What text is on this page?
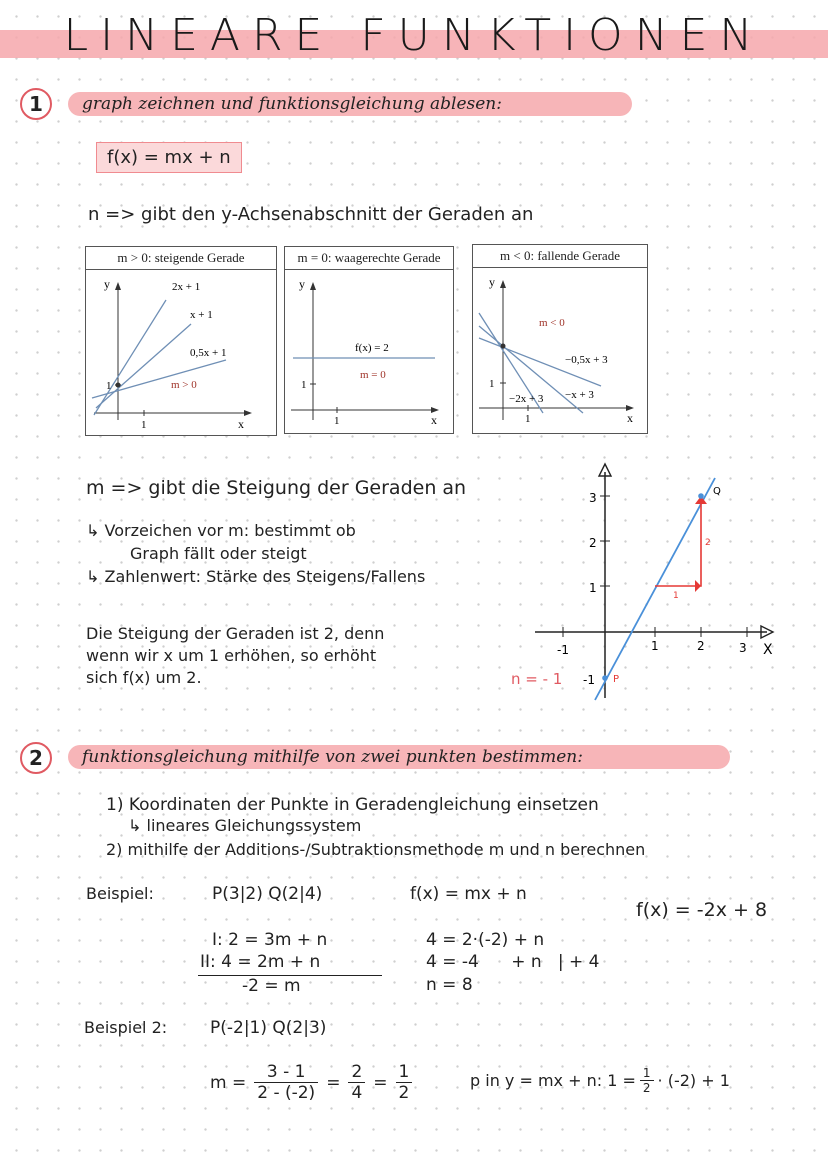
LINEARE FUNKTIONEN
1	graph zeichnen und funktionsgleichung ablesen:
f(x) = mx + n
n => gibt den y-Achsenabschnitt der Geraden an
m > 0: steigende Gerade
y
x
1
1
2x + 1
x + 1
0,5x + 1
m > 0
m = 0: waagerechte Gerade
y
x
1
1
f(x) = 2
m = 0
m < 0: fallende Gerade
y
x
1
1
m < 0
−0,5x + 3
−2x + 3 −x + 3
m => gibt die Steigung der Geraden an
↳ Vorzeichen vor m: bestimmt ob
Graph fällt oder steigt
↳ Zahlenwert: Stärke des Steigens/Fallens
Die Steigung der Geraden ist 2, denn
wenn wir x um 1 erhöhen, so erhöht
sich f(x) um 2.
-1	1	2	3 X
3
2
1
-1
Q
P
1
2
n = - 1
2	funktionsgleichung mithilfe von zwei punkten bestimmen:
1) Koordinaten der Punkte in Geradengleichung einsetzen
↳ lineares Gleichungssystem
2) mithilfe der Additions-/Subtraktionsmethode m und n berechnen
Beispiel:	P(3|2) Q(2|4)	f(x) = mx + n
f(x) = -2x + 8
I: 2 = 3m + n
II: 4 = 2m + n
-2 = m
4 = 2·(-2) + n
4 = -4      + n   | + 4
n = 8
Beispiel 2:	P(-2|1) Q(2|3)
$m = \frac{3 - 1}{2 - (-2)} = \frac{2}{4} = \frac{1}{2}$	p in y = mx + n: $1 = \frac{1}{2} \cdot (-2) + 1$
